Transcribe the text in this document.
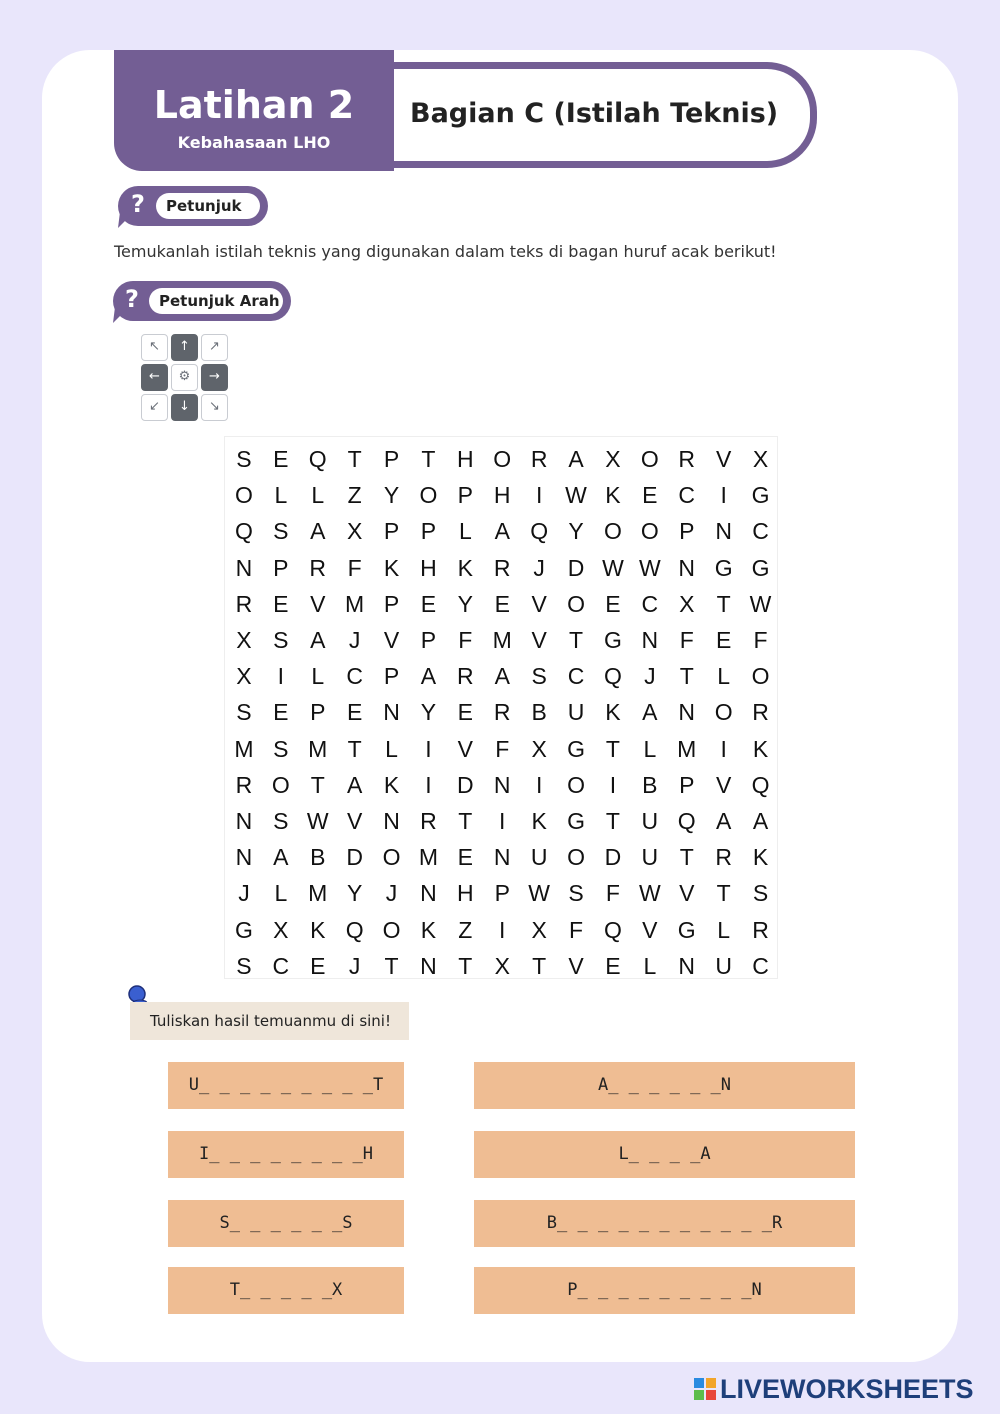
Latihan 2
Kebahasaan LHO
Bagian C (Istilah Teknis)
?	Petunjuk
Temukanlah istilah teknis yang digunakan dalam teks di bagan huruf acak berikut!
?	Petunjuk Arah
↖	↑	↗
←	⚙	→
↙	↓	↘
S E Q T P T H O R A X O R V X
O L	L	Z Y O P H	I W K E C	I	G
Q S A X P P L A Q Y O O P N C
N P R F K H K R J D W W N G G
R E V M P E Y E V O E C X T W
X S A	J	V P F M V T G N F E F
X	I	L C P A R A S C Q J	T	L O
S E P E N Y E R B U K A N O R
M S M T	L	I	V F X G T	L M	I	K
R O T A K	I	D N	I	O	I	B P V Q
N S W V N R T	I	K G T U Q A A
N A B D O M E N U O D U T R K
J	L M Y	J N H P W S F W V T S
G X K Q O K Z	I	X F Q V G L R
S C E	J	T N T X T V E L N U C
Tuliskan hasil temuanmu di sini!
U_ _ _ _ _ _ _ _ _T
I_ _ _ _ _ _ _ _H
S_ _ _ _ _ _S
T_ _ _ _ _X
A_ _ _ _ _ _N
L_ _ _ _A
B_ _ _ _ _ _ _ _ _ _ _R
P_ _ _ _ _ _ _ _ _N
LIVEWORKSHEETS
